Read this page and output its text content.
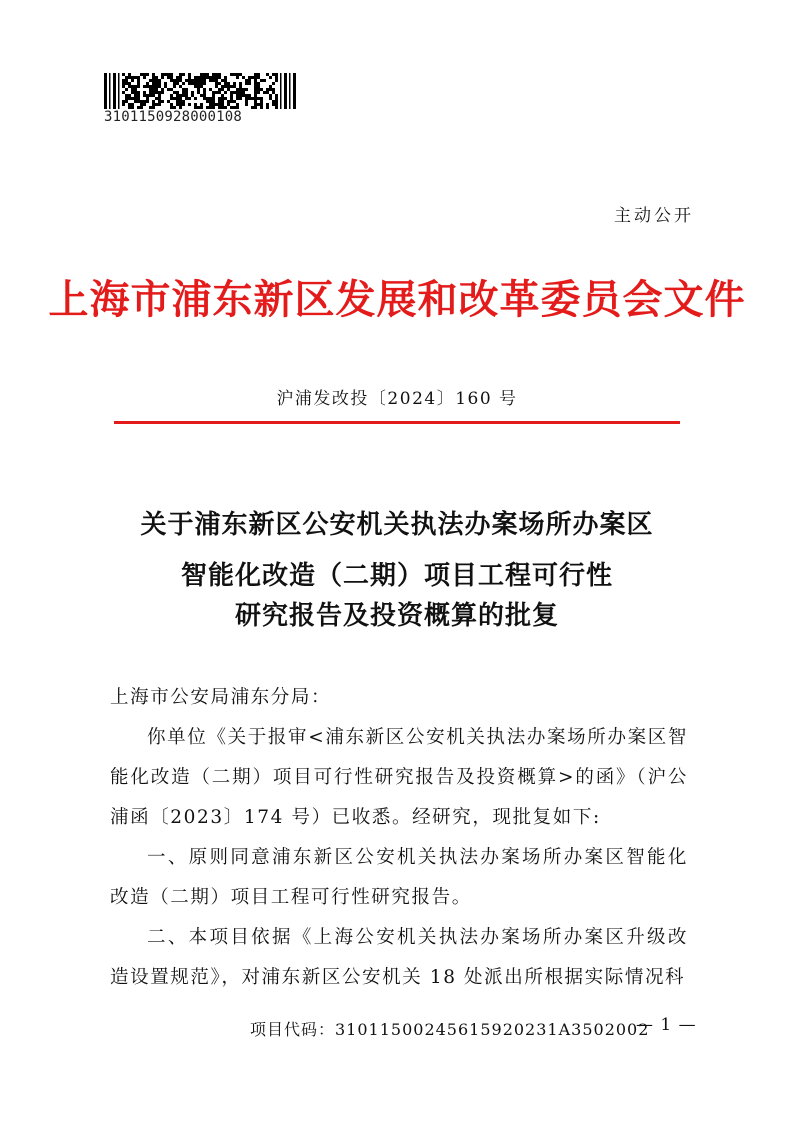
3101150928000108
主动公开
上海市浦东新区发展和改革委员会文件
沪浦发改投〔2024〕160 号
关于浦东新区公安机关执法办案场所办案区
智能化改造（二期）项目工程可行性
研究报告及投资概算的批复

上海市公安局浦东分局：

你单位《关于报审<浦东新区公安机关执法办案场所办案区智能化改造（二期）项目可行性研究报告及投资概算>的函》（沪公浦函〔2023〕174 号）已收悉。经研究，现批复如下:

一、原则同意浦东新区公安机关执法办案场所办案区智能化改造（二期）项目工程可行性研究报告。

二、本项目依据《上海公安机关执法办案场所办案区升级改造设置规范》，对浦东新区公安机关 18 处派出所根据实际情况科

项目代码：31011500245615920231A3502002
— 1 —
